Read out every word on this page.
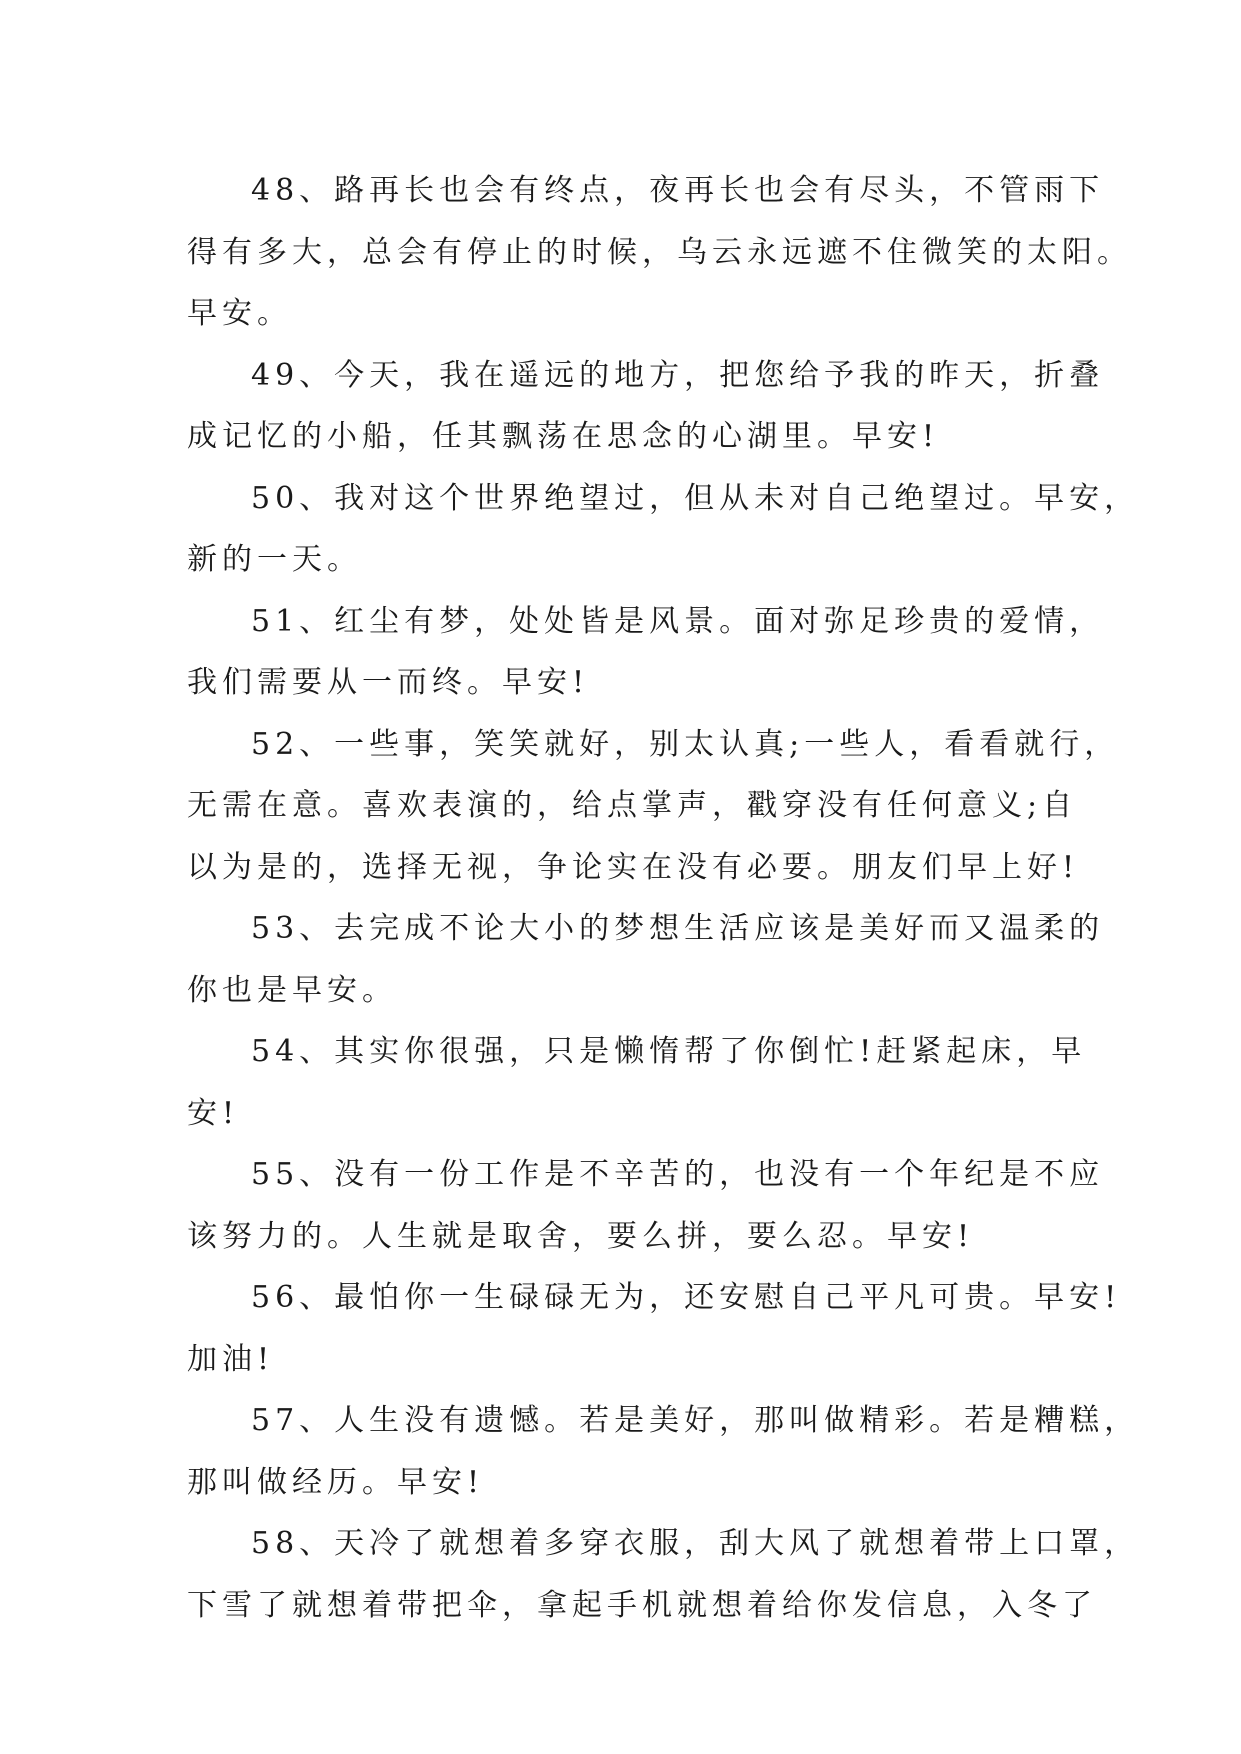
48、路再长也会有终点，夜再长也会有尽头，不管雨下
得有多大，总会有停止的时候，乌云永远遮不住微笑的太阳。
早安。

49、今天，我在遥远的地方，把您给予我的昨天，折叠
成记忆的小船，任其飘荡在思念的心湖里。早安!

50、我对这个世界绝望过，但从未对自己绝望过。早安，
新的一天。

51、红尘有梦，处处皆是风景。面对弥足珍贵的爱情，
我们需要从一而终。早安!

52、一些事，笑笑就好，别太认真;一些人，看看就行，
无需在意。喜欢表演的，给点掌声，戳穿没有任何意义;自
以为是的，选择无视，争论实在没有必要。朋友们早上好!

53、去完成不论大小的梦想生活应该是美好而又温柔的
你也是早安。

54、其实你很强，只是懒惰帮了你倒忙!赶紧起床，早
安!

55、没有一份工作是不辛苦的，也没有一个年纪是不应
该努力的。人生就是取舍，要么拼，要么忍。早安!

56、最怕你一生碌碌无为，还安慰自己平凡可贵。早安!
加油!

57、人生没有遗憾。若是美好，那叫做精彩。若是糟糕，
那叫做经历。早安!

58、天冷了就想着多穿衣服，刮大风了就想着带上口罩，
下雪了就想着带把伞，拿起手机就想着给你发信息，入冬了
